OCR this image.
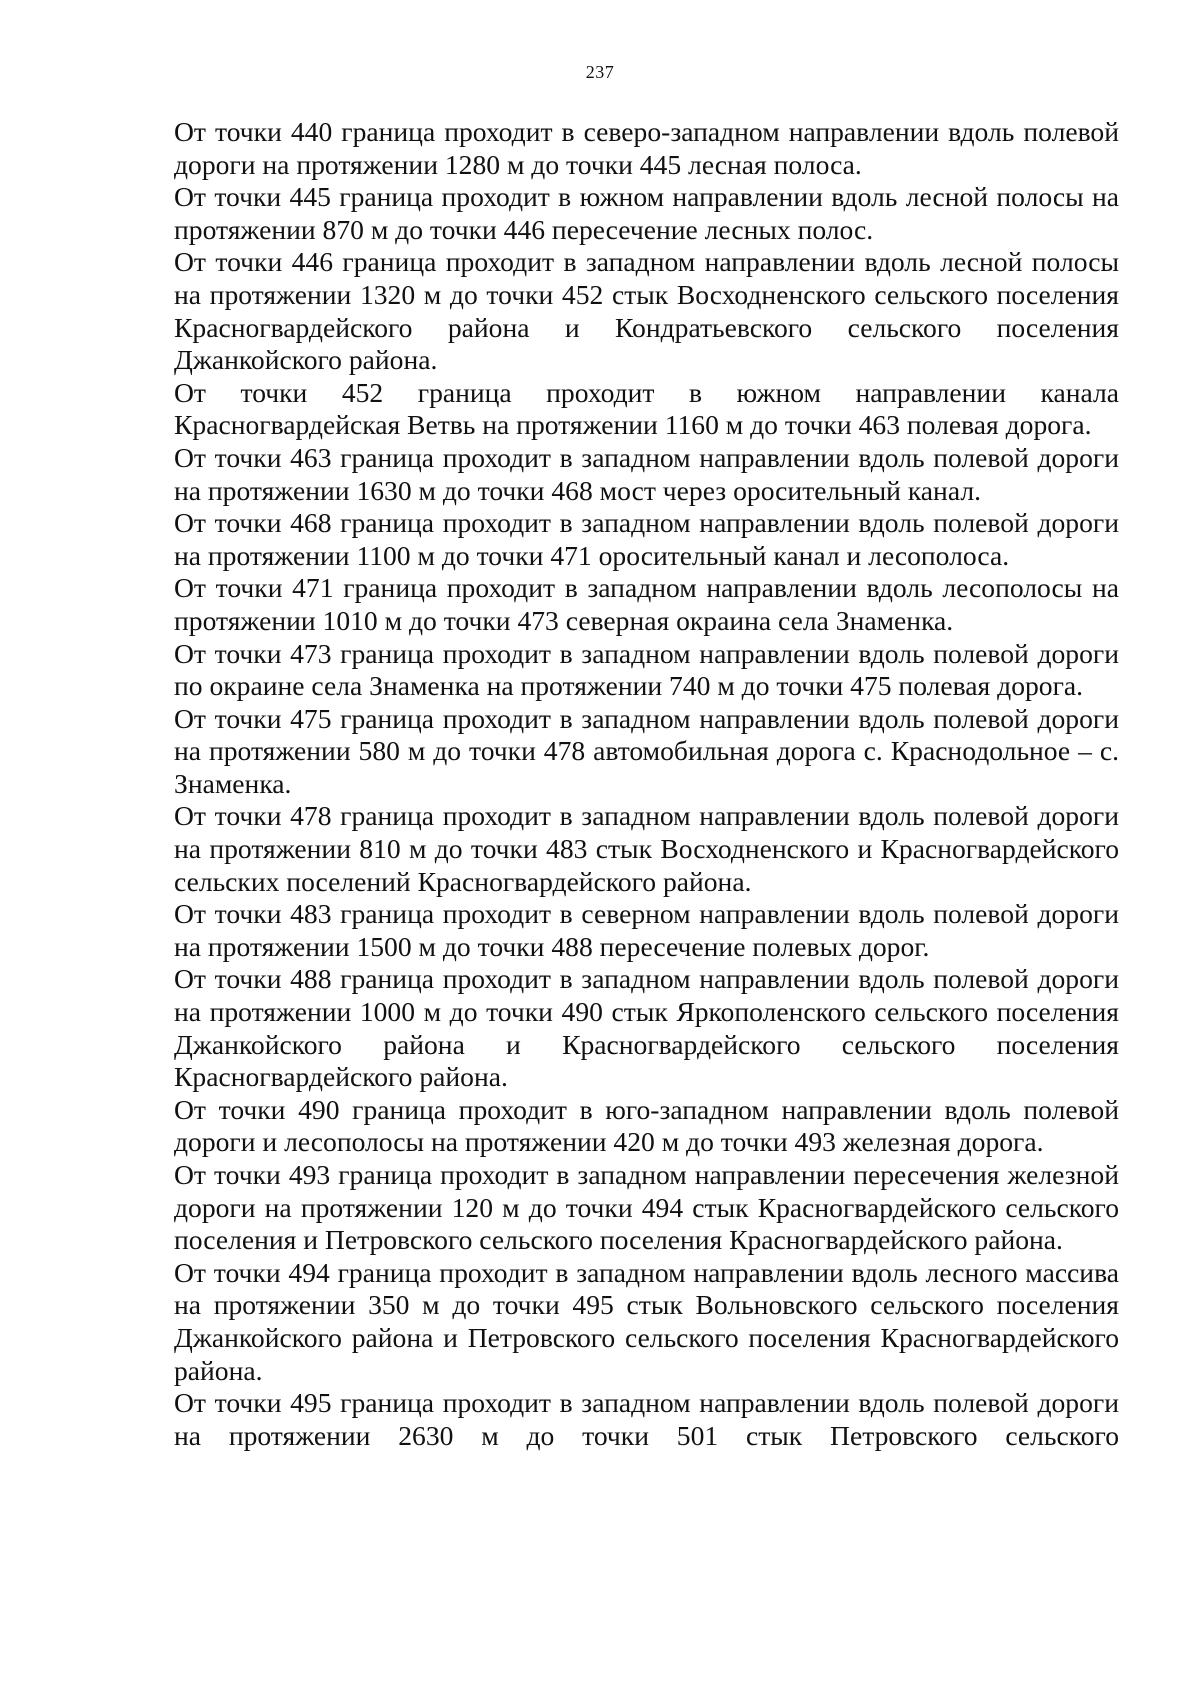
237

От точки 440 граница проходит в северо-западном направлении вдоль полевой дороги на протяжении 1280 м до точки 445 лесная полоса.

От точки 445 граница проходит в южном направлении вдоль лесной полосы на протяжении 870 м до точки 446 пересечение лесных полос.

От точки 446 граница проходит в западном направлении вдоль лесной полосы на протяжении 1320 м до точки 452 стык Восходненского сельского поселения Красногвардейского района и Кондратьевского сельского поселения Джанкойского района.

От точки 452 граница проходит в южном направлении канала Красногвардейская Ветвь на протяжении 1160 м до точки 463 полевая дорога.

От точки 463 граница проходит в западном направлении вдоль полевой дороги на протяжении 1630 м до точки 468 мост через оросительный канал.

От точки 468 граница проходит в западном направлении вдоль полевой дороги на протяжении 1100 м до точки 471 оросительный канал и лесополоса.

От точки 471 граница проходит в западном направлении вдоль лесополосы на протяжении 1010 м до точки 473 северная окраина села Знаменка.

От точки 473 граница проходит в западном направлении вдоль полевой дороги по окраине села Знаменка на протяжении 740 м до точки 475 полевая дорога.

От точки 475 граница проходит в западном направлении вдоль полевой дороги на протяжении 580 м до точки 478 автомобильная дорога с. Краснодольное – с. Знаменка.

От точки 478 граница проходит в западном направлении вдоль полевой дороги на протяжении 810 м до точки 483 стык Восходненского и Красногвардейского сельских поселений Красногвардейского района.

От точки 483 граница проходит в северном направлении вдоль полевой дороги на протяжении 1500 м до точки 488 пересечение полевых дорог.

От точки 488 граница проходит в западном направлении вдоль полевой дороги на протяжении 1000 м до точки 490 стык Яркополенского сельского поселения Джанкойского района и Красногвардейского сельского поселения Красногвардейского района.

От точки 490 граница проходит в юго-западном направлении вдоль полевой дороги и лесополосы на протяжении 420 м до точки 493 железная дорога.

От точки 493 граница проходит в западном направлении пересечения железной дороги на протяжении 120 м до точки 494 стык Красногвардейского сельского поселения и Петровского сельского поселения Красногвардейского района.

От точки 494 граница проходит в западном направлении вдоль лесного массива на протяжении 350 м до точки 495 стык Вольновского сельского поселения Джанкойского района и Петровского сельского поселения Красногвардейского района.

От точки 495 граница проходит в западном направлении вдоль полевой дороги на протяжении 2630 м до точки 501 стык Петровского сельского
